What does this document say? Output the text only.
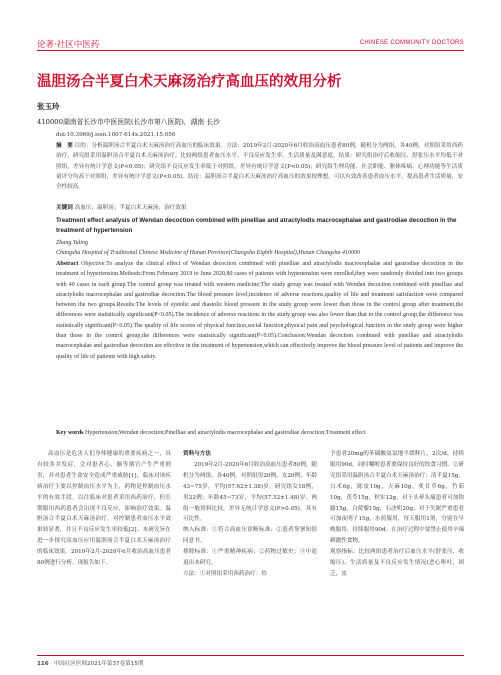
论著·社区中医药	CHINESE COMMUNITY DOCTORS
温胆汤合半夏白术天麻汤治疗高血压的效用分析
张玉玲
410000湖南省长沙市中医医院(长沙市第八医院)，湖南 长沙
doi:10.3969/j.issn.1007-614x.2021.15.056
摘　要 目的：分析温胆汤合半夏白术天麻汤治疗高血压的临床效果。方法：2019年2月-2020年6月收治高血压患者80例，随机分为两组，各40例。对照组采用西药治疗，研究组采用温胆汤合半夏白术天麻汤治疗。比较两组患者血压水平、不良反应发生率、生活质量及满意度。结果：研究组治疗后收缩压、舒张压水平均低于对照组，差异有统计学意义(P<0.05)；研究组不良反应发生率低于对照组，差异有统计学意义(P<0.05)；研究组生理功能、社会职能、躯体疼痛、心理功能等生活质量评分均高于对照组，差异有统计学意义(P<0.05)。结论：温胆汤合半夏白术天麻汤治疗高血压的效果较理想，可以有效改善患者血压水平，提高患者生活质量，安全性较高。
关键词 高血压；温胆汤；半夏白术天麻汤；治疗效果
Treatment effect analysis of Wendan decoction combined with pinelliae and atractylodis macrocephalae and gastrodiae decoction in the treatment of hypertension
Zhang Yuling
Changsha Hospital of Traditional Chinese Medicine of Hunan Province(Changsha Eighth Hospital),Hunan Changsha 410000
Abstract Objective:To analyze the clinical effect of Wendan decoction combined with pinelliae and atractylodis macrocephalae and gastrodiae decoction in the treatment of hypertension.Methods:From February 2019 to June 2020,80 cases of patients with hypertension were enrolled,they were randomly divided into two groups with 40 cases in each group.The control group was treated with western medicine;The study group was treated with Wendan decoction combined with pinelliae and atractylodis macrocephalae and gastrodiae decoction.The blood pressure level,incidence of adverse reactions,quality of life and treatment satisfaction were compared between the two groups.Results:The levels of systolic and diastolic blood pressure in the study group were lower than those in the control group after treatment,the differences were statistically significant(P<0.05).The incidence of adverse reactions in the study group was also lower than that in the control group,the difference was statistically significant(P<0.05).The quality of life scores of physical function,social function,physical pain and psychological function in the study group were higher than those in the control group,the differences were statistically significant(P<0.05).Conclusion:Wendan decoction combined with pinelliae and atractylodis macrocephalae and gastrodiae decoction are effective in the treatment of hypertension,which can effectively improve the blood pressure level of patients and improve the quality of life of patients with high safety.
Key words Hypertension;Wendan decoction;Pinelliae and atractylodis macrocephalae and gastrodiae decoction;Treatment effect
高血压是危害人们身体健康的重要疾病之一，具有较多并发症，会对患者心、脑等器官产生严重损害，并对患者生命安全造成严重威胁[1]。临床对该疾病治疗主要以控制血压水平为主，药物是控制血压水平的有效手段。以往临床对患者采用西药治疗，但长期服用西药患者会出现不良反应，影响治疗效果。温胆汤合半夏白术天麻汤治疗，对控制患者血压水平效果较显著，并且不良反应发生率较低[2]。本研究旨在进一步探究高血压应用温胆汤合半夏白术天麻汤治疗的临床效果。2019年2月-2020年6月收治高血压患者80例进行分析，现报告如下。
资料与方法
2019年2月-2020年6月收治高血压患者80例，随机分为两组，各40例。对照组男20例，女20例；年龄43~75岁，平均(57.62±1.38)岁。研究组女18例，男22例；年龄45~73岁，平均(57.52±1.48)岁。两组一般资料比较，差异无统计学意义(P>0.05)，具有可比性。
纳入标准：①符合高血压诊断标准；②患者签署知情同意书。
排除标准：①严重精神疾病；②药物过敏史；③中途退出本研究。
方法：①对照组采用西药治疗：给
予患者20mg的苯磺酸氨氯地平缓释片，2次/d，持续服用90d。同时嘱咐患者要保持良好的饮食习惯。②研究组采用温胆汤合半夏白术天麻汤治疗：清半夏15g，白术6g，陈皮10g，天麻10g，炙甘草6g，竹茹10g，茯苓15g，枳实12g。对于头晕头痛患者可加钩藤15g，白蒺藜15g，石决明20g；对于失眠严重患者可加夜明子15g，水煎服用，每天服用1剂，分别在早晚服用，持续服用90d。在治疗过程中要禁止使用辛辣刺激性食物。
观察指标：比较两组患者治疗后血压水平(舒张压、收缩压)、生活质量及不良反应发生情况(恶心呕吐，困乏，皮
116 中国社区医师2021年第37卷第15期
